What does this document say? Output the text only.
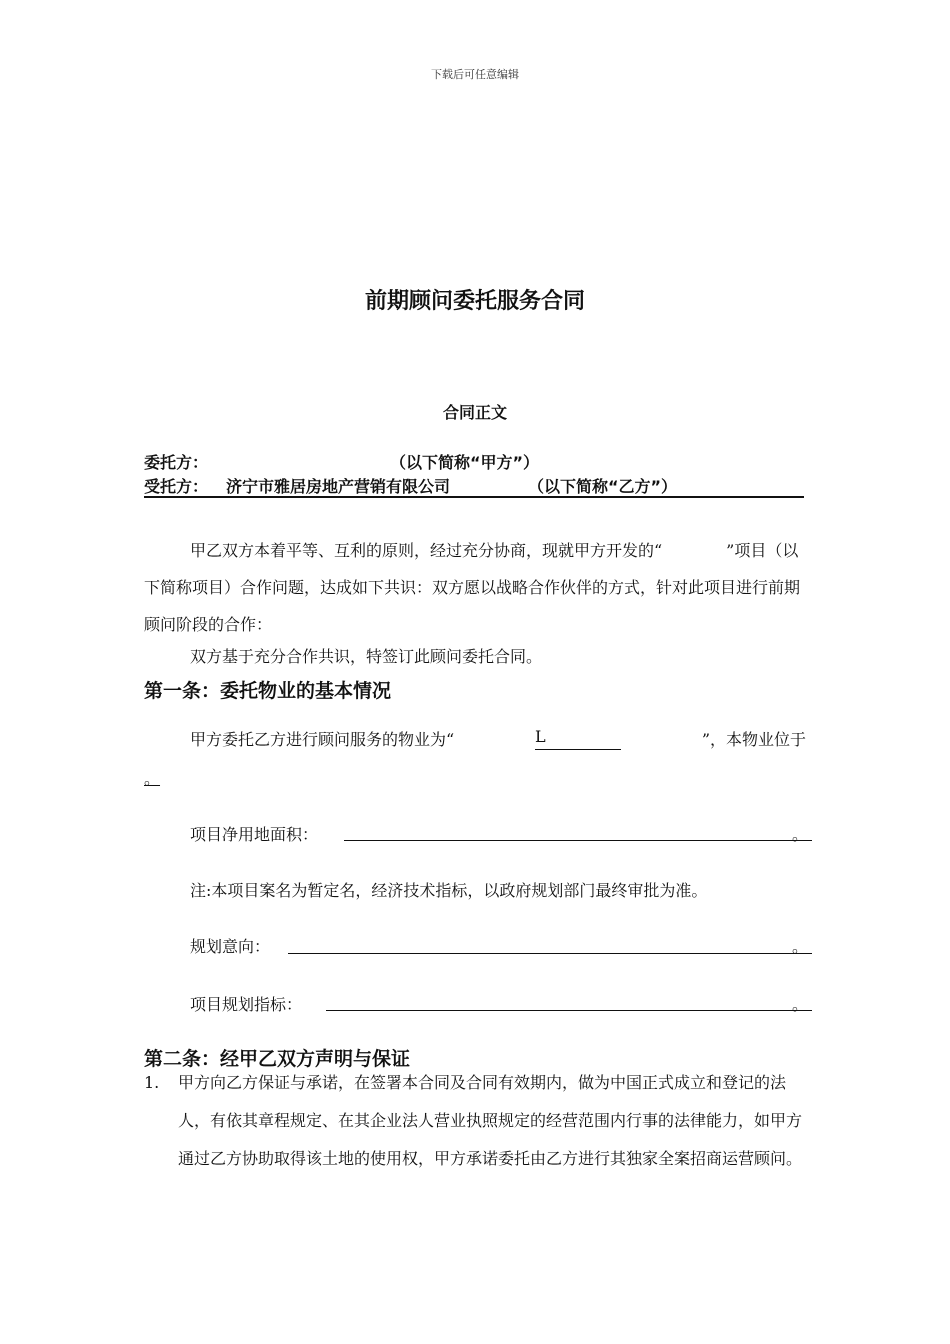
下载后可任意编辑
前期顾问委托服务合同
合同正文
委托方：	（以下简称“甲方”）
受托方： 济宁市雅居房地产营销有限公司	（以下简称“乙方”）
甲乙双方本着平等、互利的原则，经过充分协商，现就甲方开发的“　　　　”项目（以下简称项目）合作问题，达成如下共识：双方愿以战略合作伙伴的方式，针对此项目进行前期顾问阶段的合作：
双方基于充分合作共识，特签订此顾问委托合同。
第一条：委托物业的基本情况
甲方委托乙方进行顾问服务的物业为“	L	”，本物业位于
。
项目净用地面积：	。
注:本项目案名为暂定名，经济技术指标，以政府规划部门最终审批为准。
规划意向：	。
项目规划指标：	。
第二条：经甲乙双方声明与保证
1. 甲方向乙方保证与承诺，在签署本合同及合同有效期内，做为中国正式成立和登记的法人，有依其章程规定、在其企业法人营业执照规定的经营范围内行事的法律能力，如甲方通过乙方协助取得该土地的使用权，甲方承诺委托由乙方进行其独家全案招商运营顾问。
